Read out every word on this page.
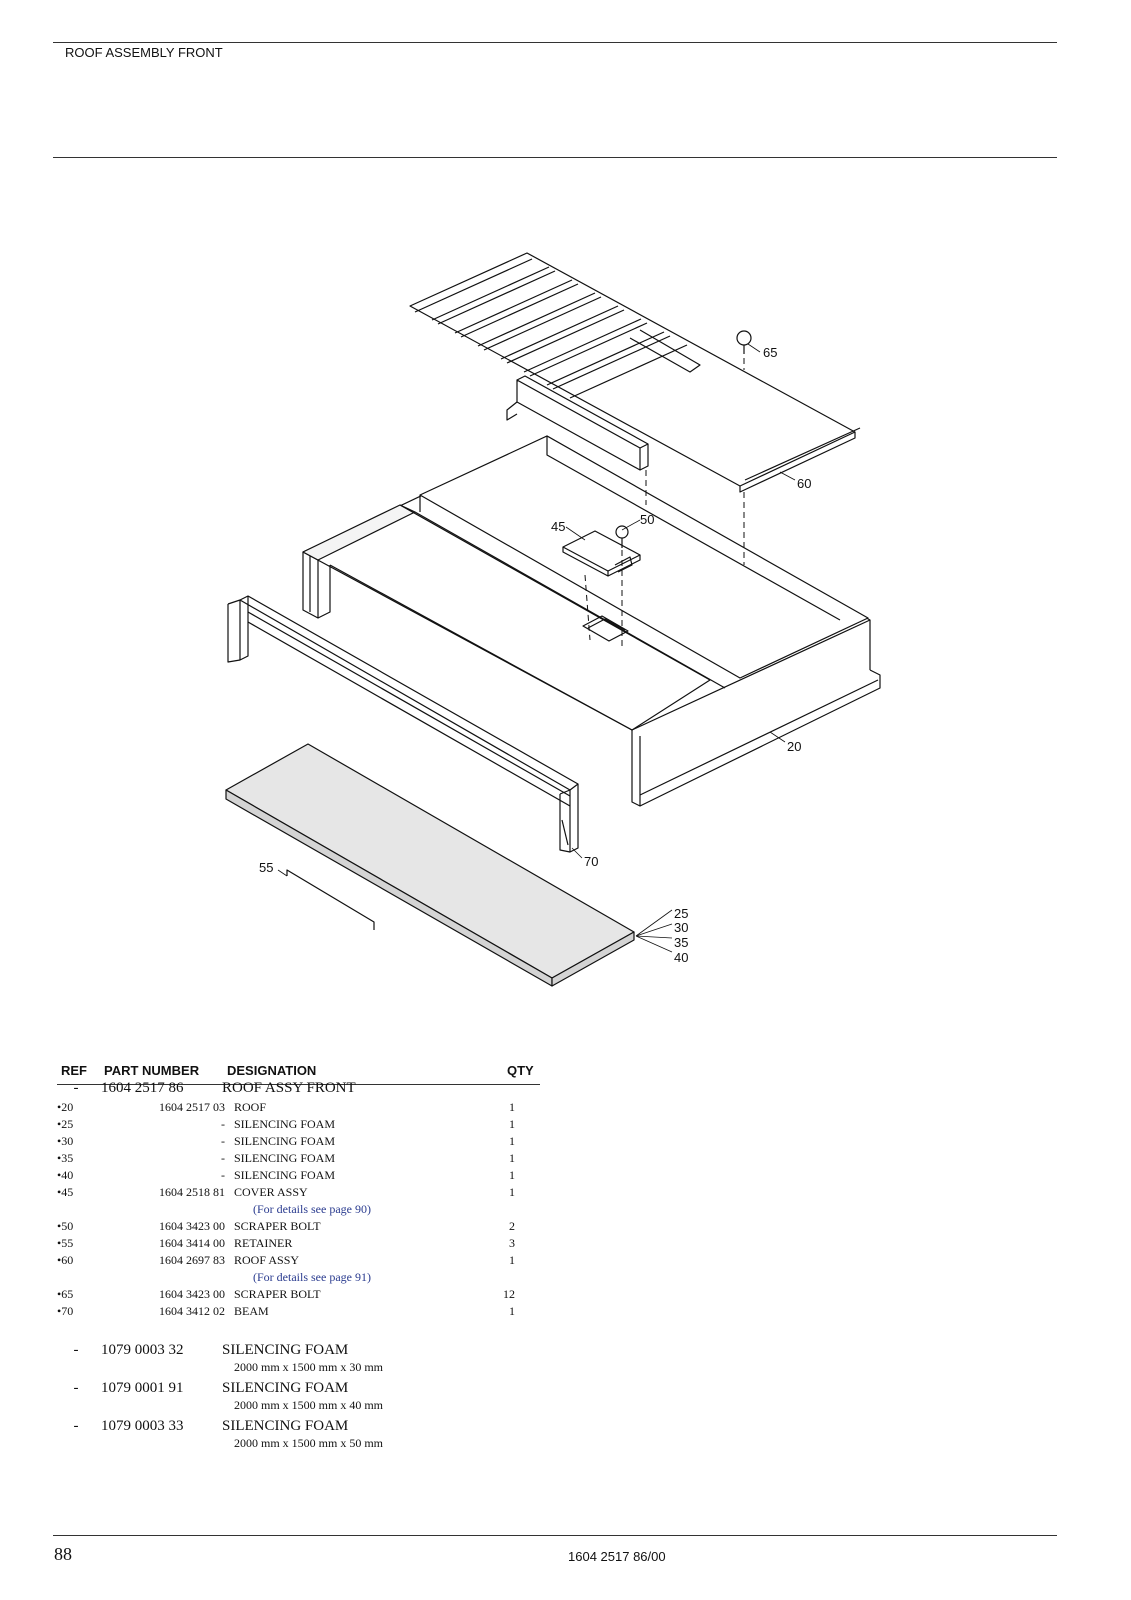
ROOF ASSEMBLY FRONT
65
60
50
45
20
70
55
25
30
35
40
REF PART NUMBER DESIGNATION	QTY
-	1604 2517 86	ROOF ASSY FRONT
•20	1604 2517 03 ROOF	1
•25	- SILENCING FOAM	1
•30	- SILENCING FOAM	1
•35	- SILENCING FOAM	1
•40	- SILENCING FOAM	1
•45	1604 2518 81 COVER ASSY	1
(For details see page 90)
•50	1604 3423 00 SCRAPER BOLT	2
•55	1604 3414 00 RETAINER	3
•60	1604 2697 83 ROOF ASSY	1
(For details see page 91)
•65	1604 3423 00 SCRAPER BOLT	12
•70	1604 3412 02 BEAM	1
-	1079 0003 32	SILENCING FOAM
2000 mm x 1500 mm x 30 mm
-	1079 0001 91	SILENCING FOAM
2000 mm x 1500 mm x 40 mm
-	1079 0003 33	SILENCING FOAM
2000 mm x 1500 mm x 50 mm
88	1604 2517 86/00
